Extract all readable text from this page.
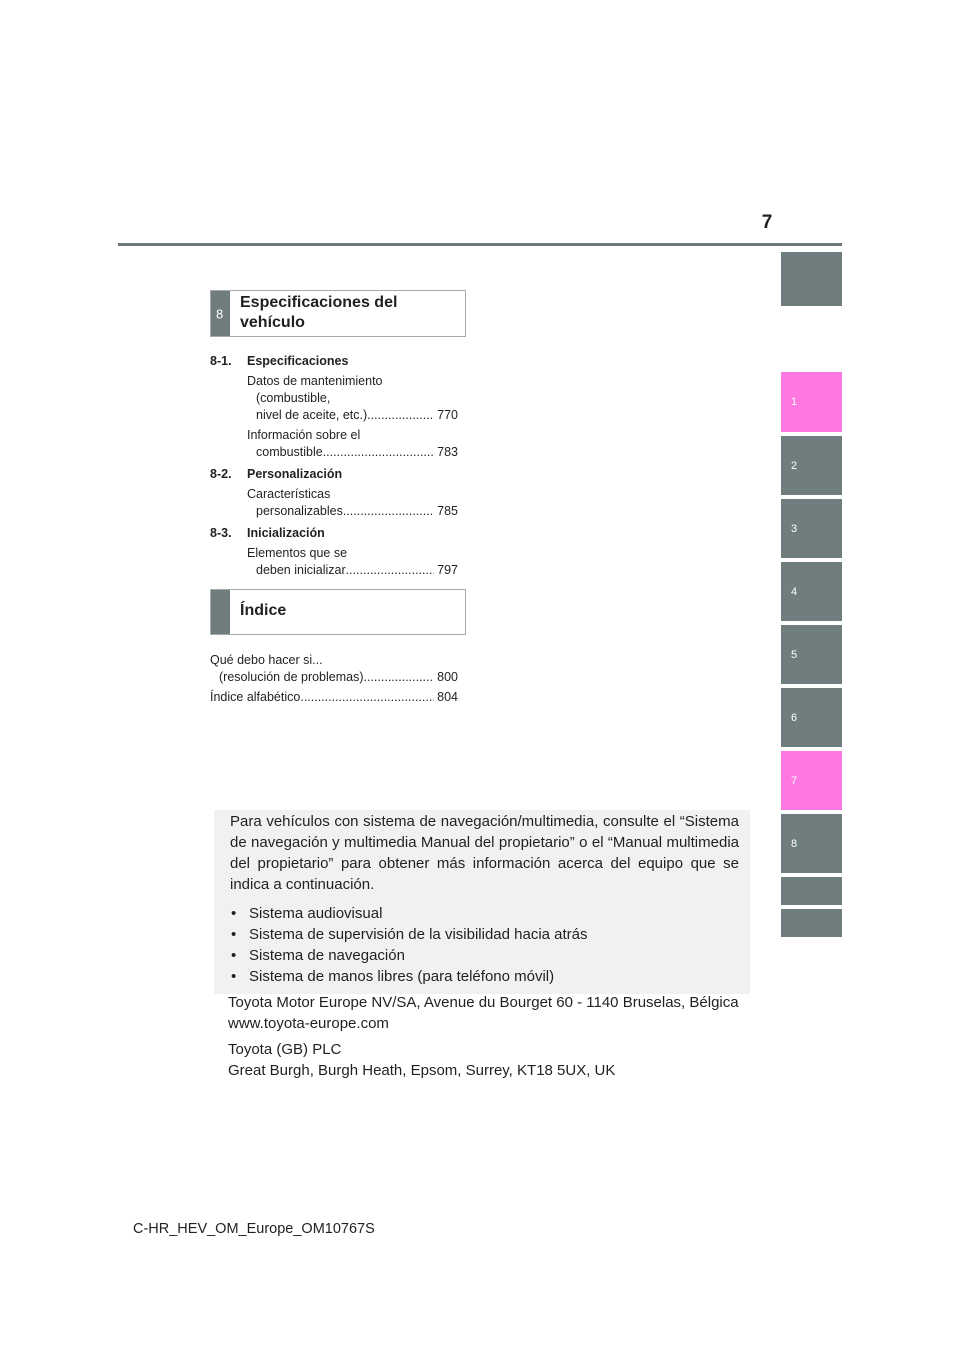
7
1
2
3
4
5
6
7
8
8
Especificaciones del
vehículo
8-1.	Especificaciones
Datos de mantenimiento
(combustible,
nivel de aceite, etc.) .....	770
Información sobre el
combustible .....	783
8-2.	Personalización
Características
personalizables .....	785
8-3.	Inicialización
Elementos que se
deben inicializar .....	797
Índice
Qué debo hacer si...
(resolución de problemas) .....	800
Índice alfabético .....	804

Para vehículos con sistema de navegación/multimedia, consulte el “Sistema de navegación y multimedia Manual del propietario” o el “Manual multimedia del propietario” para obtener más información acerca del equipo que se indica a continuación.

• Sistema audiovisual
• Sistema de supervisión de la visibilidad hacia atrás
• Sistema de navegación
• Sistema de manos libres (para teléfono móvil)
Toyota Motor Europe NV/SA, Avenue du Bourget 60 - 1140 Bruselas, Bélgica
www.toyota-europe.com
Toyota (GB) PLC
Great Burgh, Burgh Heath, Epsom, Surrey, KT18 5UX, UK
C-HR_HEV_OM_Europe_OM10767S
